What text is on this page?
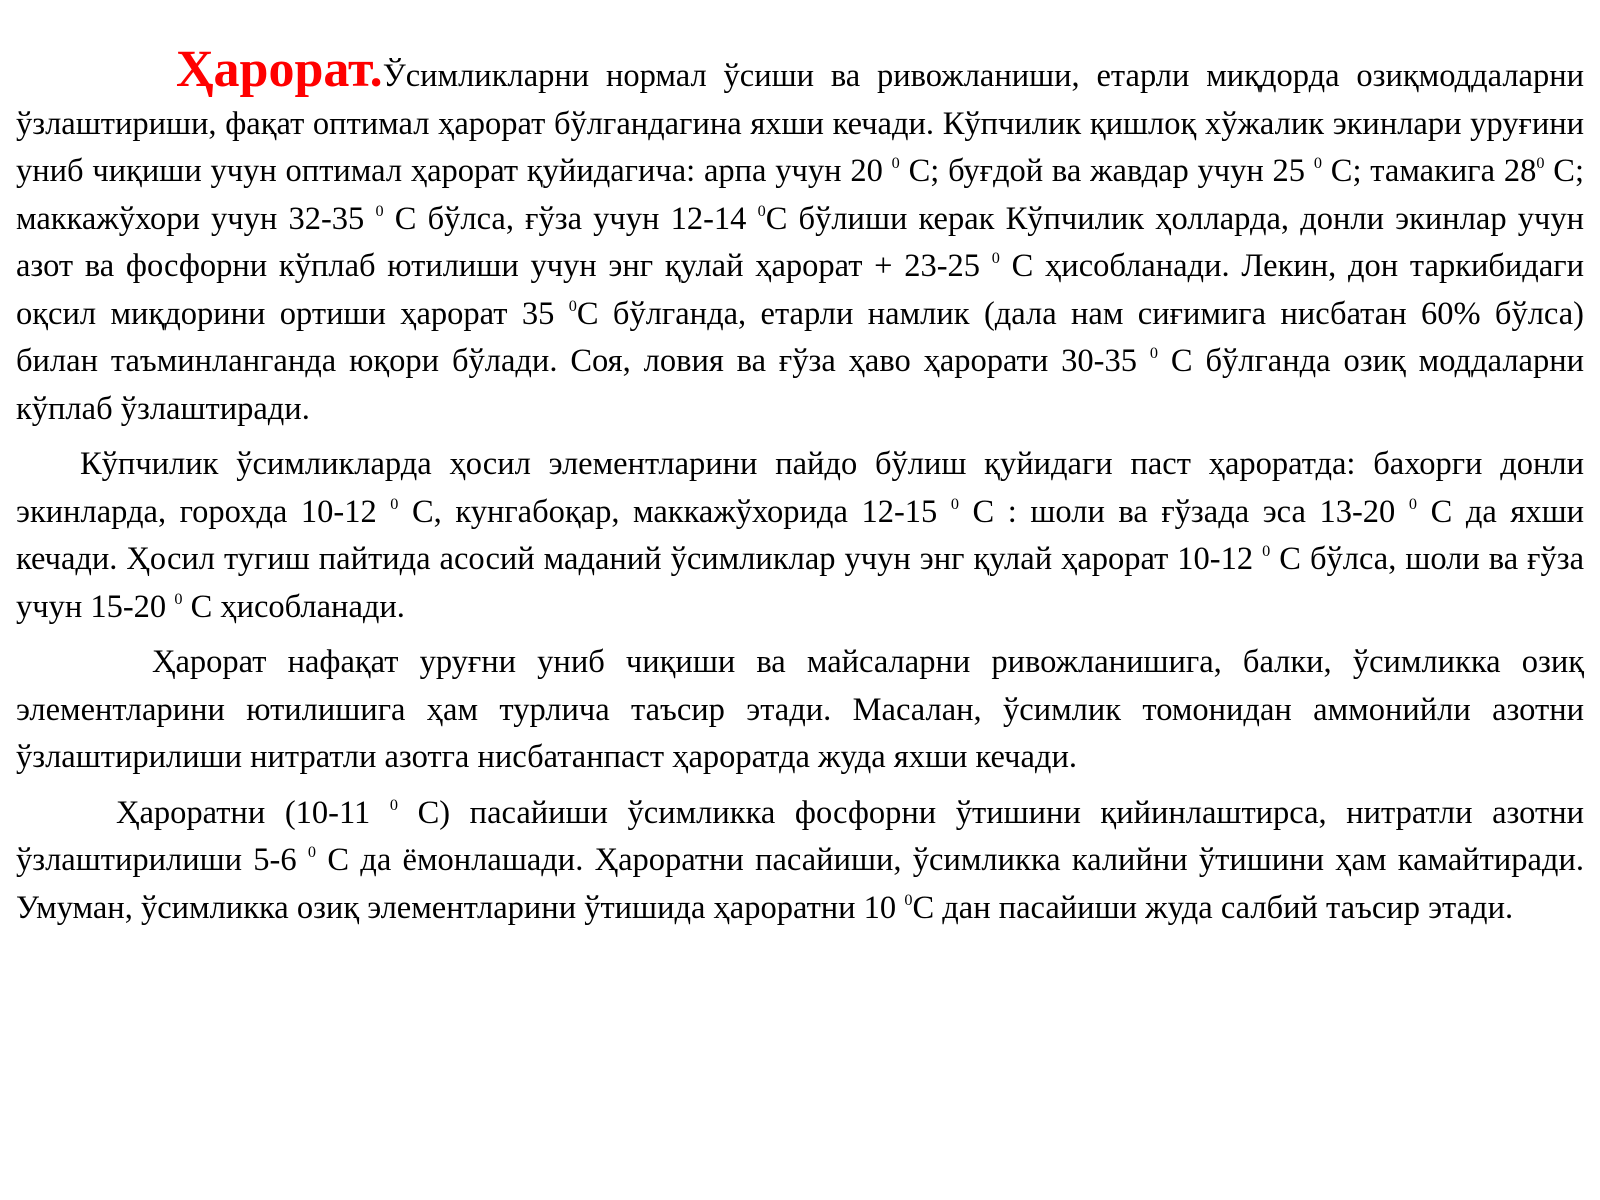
Ҳарорат.Ўсимликларни нормал ўсиши ва ривожланиши, етарли миқдорда озиқмоддаларни ўзлаштириши, фақат оптимал ҳарорат бўлгандагина яхши кечади. Кўпчилик қишлоқ хўжалик экинлари уруғини униб чиқиши учун оптимал ҳарорат қуйидагича: арпа учун 20 $^0$ С; буғдой ва жавдар учун 25 $^0$ С; тамакига $28^0$ С; маккажўхори учун 32-35 $^0$ С бўлса, ғўза учун 12-14 $^0$С бўлиши керак Кўпчилик ҳолларда, донли экинлар учун азот ва фосфорни кўплаб ютилиши учун энг қулай ҳарорат + 23-25 $^0$ С ҳисобланади. Лекин, дон таркибидаги оқсил миқдорини ортиши ҳарорат 35 $^0$С бўлганда, етарли намлик (дала нам сиғимига нисбатан 60% бўлса) билан таъминланганда юқори бўлади. Соя, ловия ва ғўза ҳаво ҳарорати 30-35 $^0$ С бўлганда озиқ моддаларни кўплаб ўзлаштиради.

Кўпчилик ўсимликларда ҳосил элементларини пайдо бўлиш қуйидаги паст ҳароратда: бахорги донли экинларда, горохда 10-12 $^0$ С, кунгабоқар, маккажўхорида 12-15 $^0$ С : шоли ва ғўзада эса 13-20 $^0$ С да яхши кечади. Ҳосил тугиш пайтида асосий маданий ўсимликлар учун энг қулай ҳарорат 10-12 $^0$ С бўлса, шоли ва ғўза учун 15-20 $^0$ С ҳисобланади.

Ҳарорат нафақат уруғни униб чиқиши ва майсаларни ривожланишига, балки, ўсимликка озиқ элементларини ютилишига ҳам турлича таъсир этади. Масалан, ўсимлик томонидан аммонийли азотни ўзлаштирилиши нитратли азотга нисбатанпаст ҳароратда жуда яхши кечади.

Ҳароратни (10-11 $^0$ С) пасайиши ўсимликка фосфорни ўтишини қийинлаштирса, нитратли азотни ўзлаштирилиши 5-6 $^0$ С да ёмонлашади. Ҳароратни пасайиши, ўсимликка калийни ўтишини ҳам камайтиради. Умуман, ўсимликка озиқ элементларини ўтишида ҳароратни 10 $^0$С дан пасайиши жуда салбий таъсир этади.
